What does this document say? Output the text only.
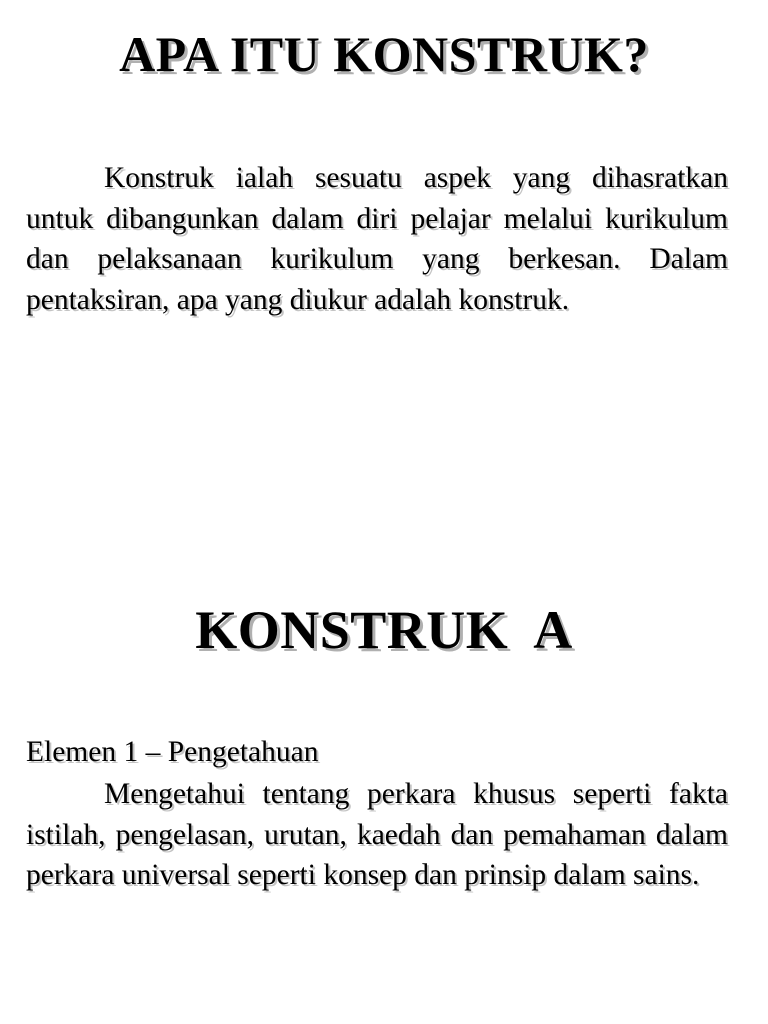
APA ITU KONSTRUK?

Konstruk ialah sesuatu aspek yang dihasratkan untuk dibangunkan dalam diri pelajar melalui kurikulum dan pelaksanaan kurikulum yang berkesan. Dalam pentaksiran, apa yang diukur adalah konstruk.

KONSTRUK  A

Elemen 1 – Pengetahuan

Mengetahui tentang perkara khusus seperti fakta istilah, pengelasan, urutan, kaedah dan pemahaman dalam perkara universal seperti konsep dan prinsip dalam sains.
